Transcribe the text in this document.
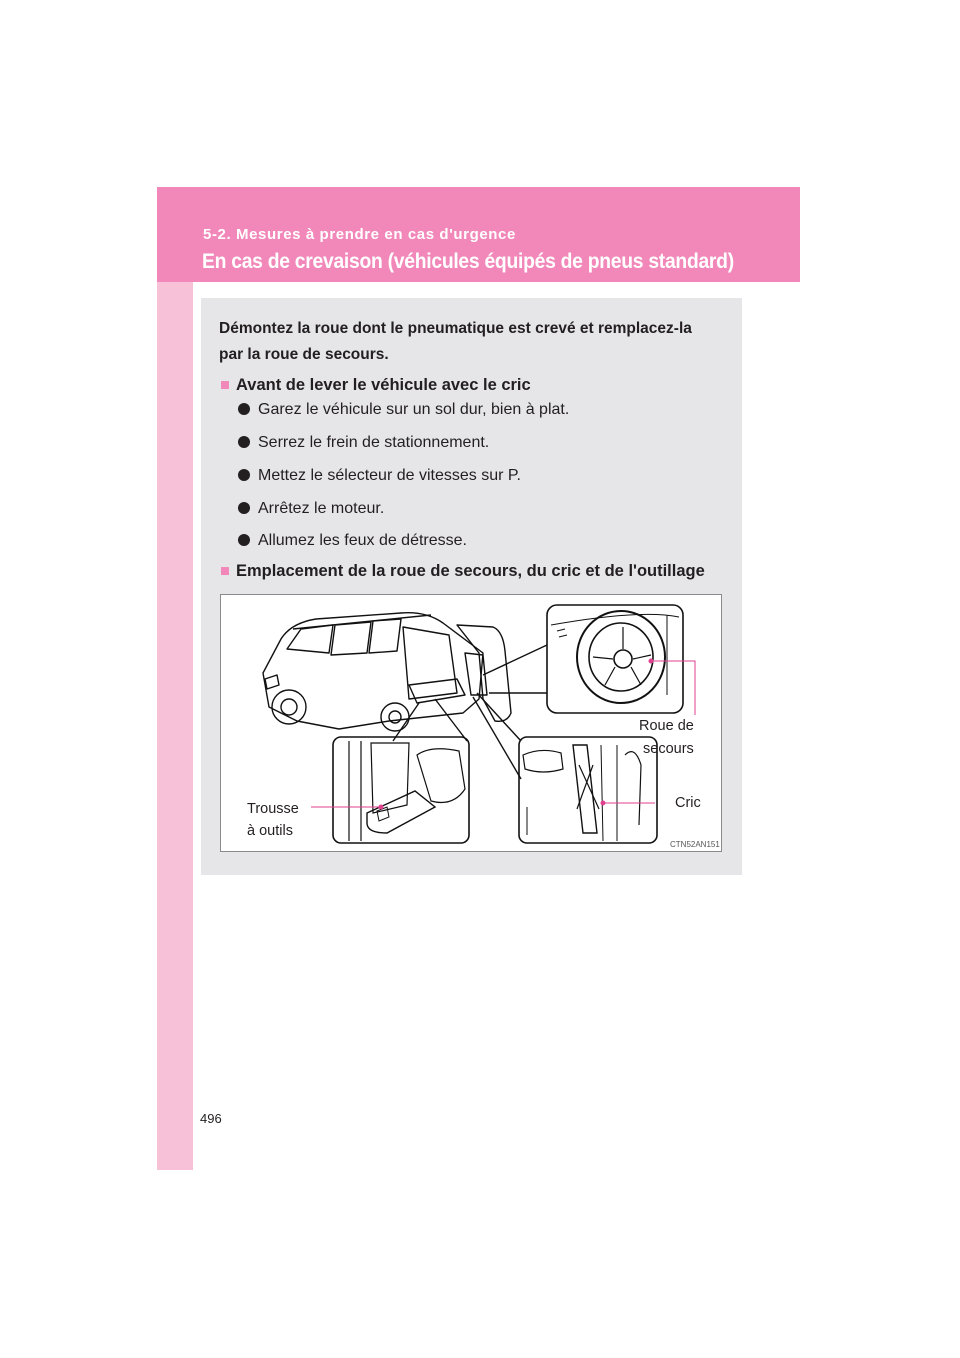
5-2. Mesures à prendre en cas d'urgence
En cas de crevaison (véhicules équipés de pneus standard)
Démontez la roue dont le pneumatique est crevé et remplacez-la
par la roue de secours.
■ Avant de lever le véhicule avec le cric
Garez le véhicule sur un sol dur, bien à plat.
Serrez le frein de stationnement.
Mettez le sélecteur de vitesses sur P.
Arrêtez le moteur.
Allumez les feux de détresse.
■ Emplacement de la roue de secours, du cric et de l'outillage
Roue de
secours
Cric
Trousse
à outils
CTN52AN151
496
